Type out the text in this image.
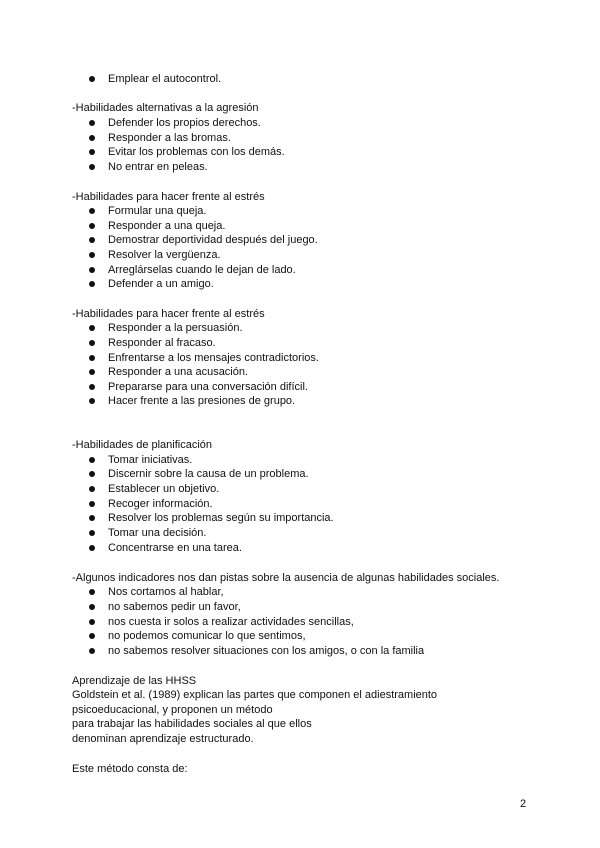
Emplear el autocontrol.
-Habilidades alternativas a la agresión
Defender los propios derechos.
Responder a las bromas.
Evitar los problemas con los demás.
No entrar en peleas.
-Habilidades para hacer frente al estrés
Formular una queja.
Responder a una queja.
Demostrar deportividad después del juego.
Resolver la vergüenza.
Arreglárselas cuando le dejan de lado.
Defender a un amigo.
-Habilidades para hacer frente al estrés
Responder a la persuasión.
Responder al fracaso.
Enfrentarse a los mensajes contradictorios.
Responder a una acusación.
Prepararse para una conversación difícil.
Hacer frente a las presiones de grupo.
-Habilidades de planificación
Tomar iniciativas.
Discernir sobre la causa de un problema.
Establecer un objetivo.
Recoger información.
Resolver los problemas según su importancia.
Tomar una decisión.
Concentrarse en una tarea.
-Algunos indicadores nos dan pistas sobre la ausencia de algunas habilidades sociales.
Nos cortamos al hablar,
no sabemos pedir un favor,
nos cuesta ir solos a realizar actividades sencillas,
no podemos comunicar lo que sentimos,
no sabemos resolver situaciones con los amigos, o con la familia
Aprendizaje de las HHSS
Goldstein et al. (1989) explican las partes que componen el adiestramiento
psicoeducacional, y proponen un método
para trabajar las habilidades sociales al que ellos
denominan aprendizaje estructurado.
Este método consta de:
2
